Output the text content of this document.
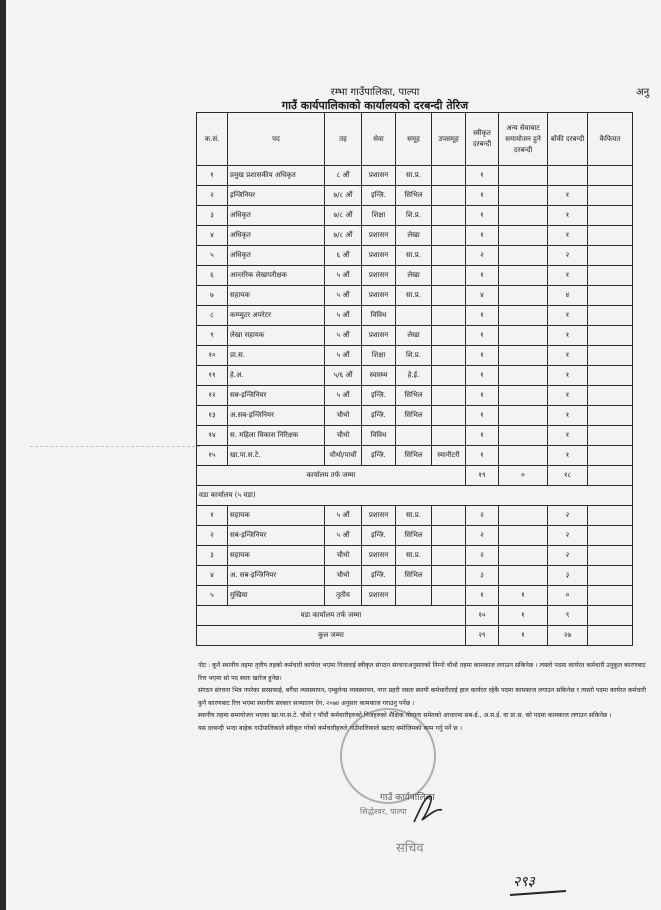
रम्भा गाउँपालिका, पाल्पा	अनु
गाउँ कार्यपालिकाको कार्यालयको दरबन्दी तेरिज
क.सं.	पद	तह	सेवा	समूह	उपसमूह	स्वीकृत दरबन्दी	अन्य सेवाबाट समायोजन हुने दरबन्दी	बाँकी दरबन्दी	कैफियत
१	प्रमुख प्रशासकीय अधिकृत	८ औं	प्रशासन	सा.प्र.		१			
२	इन्जिनियर	७/८ औं	इन्जि.	सिभिल		१		१	
३	अधिकृत	७/८ औं	शिक्षा	शि.प्र.		१		१	
४	अधिकृत	७/८ औं	प्रशासन	लेखा		१		१	
५	अधिकृत	६ औं	प्रशासन	सा.प्र.		२		२	
६	आन्तरिक लेखापरीक्षक	५ औं	प्रशासन	लेखा		१		१	
७	सहायक	५ औं	प्रशासन	सा.प्र.		४		४	
८	कम्प्युटर अपरेटर	५ औं	विविध			१		१	
९	लेखा सहायक	५ औं	प्रशासन	लेखा		१		१	
१०	प्रा.स.	५ औं	शिक्षा	शि.प्र.		१		१	
११	हे.अ.	५/६ औं	स्वास्थ्य	हे.ई.		१		१	
१२	सब-इन्जिनियर	५ औं	इन्जि.	सिभिल		१		१	
१३	अ.सब-इन्जिनियर	चौथो	इन्जि.	सिभिल		१		१	
१४	स. महिला विकास निरिक्षक	चौथो	विविध			१		१	
१५	खा.पा.स.टे.	चौथो/पाचौं	इन्जि.	सिभिल	स्यानीटरी	१		१	
कार्यालय तर्फ जम्मा						१९	०	१८	
वडा कार्यालय (५ वडा)									
१	सहायक	५ औं	प्रशासन	सा.प्र.		२		२	
२	सब-इन्जिनियर	५ औं	इन्जि.	सिभिल		२		२	
३	सहायक	चौथो	प्रशासन	सा.प्र.		२		२	
४	अ. सब-इन्जिनियर	चौथो	इन्जि.	सिभिल		३		३	
५	मुखिया	तृतीय	प्रशासन			१	१	०	
वडा कार्यालय तर्फ जम्मा						१०	१	९	
कुल जम्मा						२९	१	२७	

नोट : कुनै स्थानीय तहमा तृतीय तहको कर्मचारी कार्यरत भएमा निजलाई स्वीकृत संगठन संरचनाअनुसारको निम्नो चौथो तहमा कामकाज लगाउन सकिनेछ । त्यस्तो पदमा कार्यरत कर्मचारी उनुकुल कारणबाट रित्त भएमा सो पद स्वतः खारेज हुनेछ।

संगठन संरचना भित्र नपरेका सरसफाई, बगैंचा व्यवस्थापन, एम्बुलेन्स व्यवस्थापन, नगर प्रहरी जस्ता स्थायी कर्मचारीलाई हाल कार्यरत रहेकै पदमा कामकाज लगाउन सकिनेछ र त्यस्तो पदमा कार्यरत कर्मचारी कुनै कारणबाट रित्त भएमा स्थानीय सरकार सञ्चालन ऐन, २०७४ अनुसार कामकाज गराउनु पर्नेछ ।

स्थानीय तहमा समायोजन भएका खा.पा.स.टे. चौथो र पाँचौं कर्मचारीहरुको निजहरुको शैक्षिक योग्यता समेतको आधारमा सब-ई., अ.स.ई. वा प्रा.स. को पदमा कामकाज लगाउन सकिनेछ ।

यस दरबन्दी भन्दा बाहेक गाउँपालिकाले स्वीकृत गरेको कर्मचारीहरुले गाउँपालिकाले खटाए बमोजिमको काम गर्नु पर्ने छ ।

गाउँ कार्यपालिका
सिद्धेश्वर, पाल्पा
सचिव
२९३
